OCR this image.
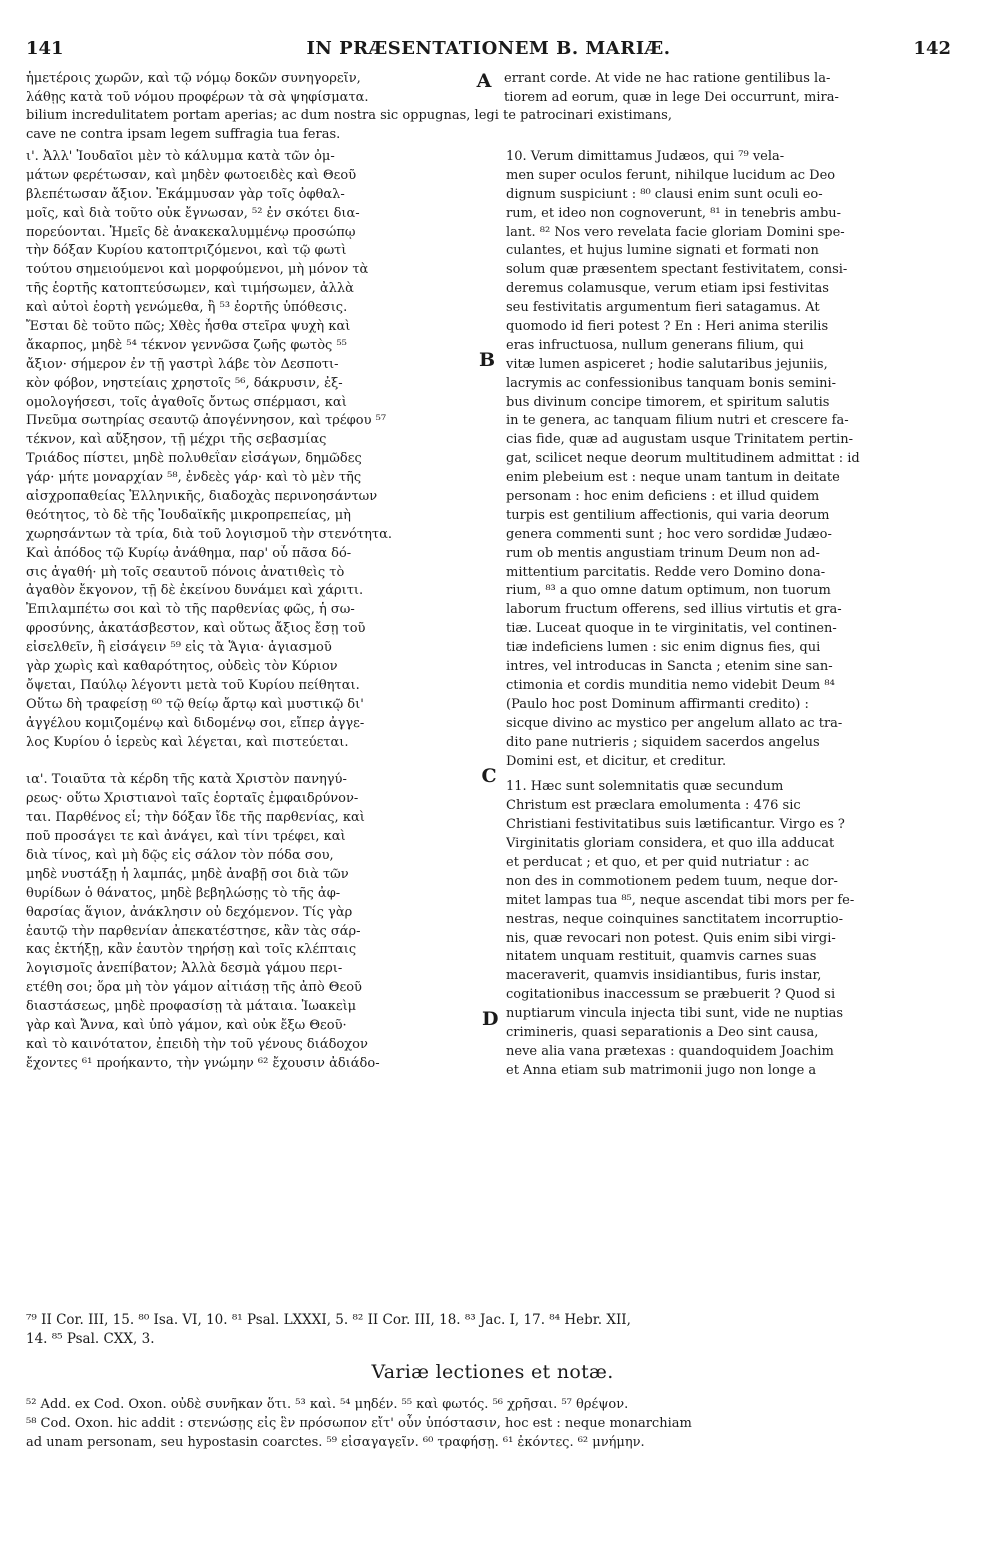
141	IN PRÆSENTATIONEM B. MARIÆ.	142
ἡμετέροις χωρῶν, καὶ τῷ νόμῳ δοκῶν συνηγορεῖν,	errant corde. At vide ne hac ratione gentilibus la-
λάθῃς κατὰ τοῦ νόμου προφέρων τὰ σὰ ψηφίσματα.	tiorem ad eorum, quæ in lege Dei occurrunt, mira-
bilium incredulitatem portam aperias; ac dum nostra sic oppugnas, legi te patrocinari existimans,
cave ne contra ipsam legem suffragia tua feras.
A
B
C
D
ι'. Ἀλλ' Ἰουδαῖοι μὲν τὸ κάλυμμα κατὰ τῶν ὀμ-
μάτων φερέτωσαν, καὶ μηδὲν φωτοειδὲς καὶ Θεοῦ
βλεπέτωσαν ἄξιον. Ἐκάμμυσαν γὰρ τοῖς ὀφθαλ-
μοῖς, καὶ διὰ τοῦτο οὐκ ἔγνωσαν, ⁵² ἐν σκότει δια-
πορεύονται. Ἡμεῖς δὲ ἀνακεκαλυμμένῳ προσώπῳ
τὴν δόξαν Κυρίου κατοπτριζόμενοι, καὶ τῷ φωτὶ
τούτου σημειούμενοι καὶ μορφούμενοι, μὴ μόνον τὰ
τῆς ἑορτῆς κατοπτεύσωμεν, καὶ τιμήσωμεν, ἀλλὰ
καὶ αὐτοὶ ἑορτὴ γενώμεθα, ἢ ⁵³ ἑορτῆς ὑπόθεσις.
Ἔσται δὲ τοῦτο πῶς; Χθὲς ἦσθα στεῖρα ψυχὴ καὶ
ἄκαρπος, μηδὲ ⁵⁴ τέκνον γεννῶσα ζωῆς φωτὸς ⁵⁵
ἄξιον· σήμερον ἐν τῇ γαστρὶ λάβε τὸν Δεσποτι-
κὸν φόβον, νηστείαις χρηστοῖς ⁵⁶, δάκρυσιν, ἐξ-
ομολογήσεσι, τοῖς ἀγαθοῖς ὄντως σπέρμασι, καὶ
Πνεῦμα σωτηρίας σεαυτῷ ἀπογέννησον, καὶ τρέφου ⁵⁷
τέκνον, καὶ αὔξησον, τῇ μέχρι τῆς σεβασμίας
Τριάδος πίστει, μηδὲ πολυθεΐαν εἰσάγων, δημῶδες
γάρ· μήτε μοναρχίαν ⁵⁸, ἐνδεὲς γάρ· καὶ τὸ μὲν τῆς
αἰσχροπαθείας Ἑλληνικῆς, διαδοχὰς περινοησάντων
θεότητος, τὸ δὲ τῆς Ἰουδαϊκῆς μικροπρεπείας, μὴ
χωρησάντων τὰ τρία, διὰ τοῦ λογισμοῦ τὴν στενότητα.
Καὶ ἀπόδος τῷ Κυρίῳ ἀνάθημα, παρ' οὗ πᾶσα δό-
σις ἀγαθή· μὴ τοῖς σεαυτοῦ πόνοις ἀνατιθεὶς τὸ
ἀγαθὸν ἔκγονον, τῇ δὲ ἐκείνου δυνάμει καὶ χάριτι.
Ἐπιλαμπέτω σοι καὶ τὸ τῆς παρθενίας φῶς, ἡ σω-
φροσύνης, ἀκατάσβεστον, καὶ οὕτως ἄξιος ἔσῃ τοῦ
εἰσελθεῖν, ἢ εἰσάγειν ⁵⁹ εἰς τὰ Ἅγια· ἁγιασμοῦ
γὰρ χωρὶς καὶ καθαρότητος, οὐδεὶς τὸν Κύριον
ὄψεται, Παύλῳ λέγοντι μετὰ τοῦ Κυρίου πείθηται.
Οὕτω δὴ τραφείσῃ ⁶⁰ τῷ θείῳ ἄρτῳ καὶ μυστικῷ δι'
ἀγγέλου κομιζομένῳ καὶ διδομένῳ σοι, εἴπερ ἀγγε-
λος Κυρίου ὁ ἱερεὺς καὶ λέγεται, καὶ πιστεύεται.
ια'. Τοιαῦτα τὰ κέρδη τῆς κατὰ Χριστὸν πανηγύ-
ρεως· οὕτω Χριστιανοὶ ταῖς ἑορταῖς ἐμφαιδρύνον-
ται. Παρθένος εἶ; τὴν δόξαν ἴδε τῆς παρθενίας, καὶ
ποῦ προσάγει τε καὶ ἀνάγει, καὶ τίνι τρέφει, καὶ
διὰ τίνος, καὶ μὴ δῷς εἰς σάλον τὸν πόδα σου,
μηδὲ νυστάξῃ ἡ λαμπάς, μηδὲ ἀναβῇ σοι διὰ τῶν
θυρίδων ὁ θάνατος, μηδὲ βεβηλώσῃς τὸ τῆς ἀφ-
θαρσίας ἅγιον, ἀνάκλησιν οὐ δεχόμενον. Τίς γὰρ
ἑαυτῷ τὴν παρθενίαν ἀπεκατέστησε, κἂν τὰς σάρ-
κας ἐκτήξῃ, κἂν ἑαυτὸν τηρήσῃ καὶ τοῖς κλέπταις
λογισμοῖς ἀνεπίβατον; Ἀλλὰ δεσμὰ γάμου περι-
ετέθη σοι; ὅρα μὴ τὸν γάμον αἰτιάσῃ τῆς ἀπὸ Θεοῦ
διαστάσεως, μηδὲ προφασίσῃ τὰ μάταια. Ἰωακεὶμ
γὰρ καὶ Ἄννα, καὶ ὑπὸ γάμον, καὶ οὐκ ἔξω Θεοῦ·
καὶ τὸ καινότατον, ἐπειδὴ τὴν τοῦ γένους διάδοχον
ἔχοντες ⁶¹ προήκαντο, τὴν γνώμην ⁶² ἔχουσιν ἀδιάδο-
10. Verum dimittamus Judæos, qui ⁷⁹ vela-
men super oculos ferunt, nihilque lucidum ac Deo
dignum suspiciunt : ⁸⁰ clausi enim sunt oculi eo-
rum, et ideo non cognoverunt, ⁸¹ in tenebris ambu-
lant. ⁸² Nos vero revelata facie gloriam Domini spe-
culantes, et hujus lumine signati et formati non
solum quæ præsentem spectant festivitatem, consi-
deremus colamusque, verum etiam ipsi festivitas
seu festivitatis argumentum fieri satagamus. At
quomodo id fieri potest ? En : Heri anima sterilis
eras infructuosa, nullum generans filium, qui
vitæ lumen aspiceret ; hodie salutaribus jejuniis,
lacrymis ac confessionibus tanquam bonis semini-
bus divinum concipe timorem, et spiritum salutis
in te genera, ac tanquam filium nutri et crescere fa-
cias fide, quæ ad augustam usque Trinitatem pertin-
gat, scilicet neque deorum multitudinem admittat : id
enim plebeium est : neque unam tantum in deitate
personam : hoc enim deficiens : et illud quidem
turpis est gentilium affectionis, qui varia deorum
genera commenti sunt ; hoc vero sordidæ Judæo-
rum ob mentis angustiam trinum Deum non ad-
mittentium parcitatis. Redde vero Domino dona-
rium, ⁸³ a quo omne datum optimum, non tuorum
laborum fructum offerens, sed illius virtutis et gra-
tiæ. Luceat quoque in te virginitatis, vel continen-
tiæ indeficiens lumen : sic enim dignus fies, qui
intres, vel introducas in Sancta ; etenim sine san-
ctimonia et cordis munditia nemo videbit Deum ⁸⁴
(Paulo hoc post Dominum affirmanti credito) :
sicque divino ac mystico per angelum allato ac tra-
dito pane nutrieris ; siquidem sacerdos angelus
Domini est, et dicitur, et creditur.
11. Hæc sunt solemnitatis quæ secundum
Christum est præclara emolumenta : 476 sic
Christiani festivitatibus suis lætificantur. Virgo es ?
Virginitatis gloriam considera, et quo illa adducat
et perducat ; et quo, et per quid nutriatur : ac
non des in commotionem pedem tuum, neque dor-
mitet lampas tua ⁸⁵, neque ascendat tibi mors per fe-
nestras, neque coinquines sanctitatem incorruptio-
nis, quæ revocari non potest. Quis enim sibi virgi-
nitatem unquam restituit, quamvis carnes suas
maceraverit, quamvis insidiantibus, furis instar,
cogitationibus inaccessum se præbuerit ? Quod si
nuptiarum vincula injecta tibi sunt, vide ne nuptias
crimineris, quasi separationis a Deo sint causa,
neve alia vana prætexas : quandoquidem Joachim
et Anna etiam sub matrimonii jugo non longe a
⁷⁹ II Cor. III, 15. ⁸⁰ Isa. VI, 10. ⁸¹ Psal. LXXXI, 5. ⁸² II Cor. III, 18. ⁸³ Jac. I, 17. ⁸⁴ Hebr. XII,
14. ⁸⁵ Psal. CXX, 3.
Variæ lectiones et notæ.
⁵² Add. ex Cod. Oxon. οὐδὲ συνῆκαν ὅτι. ⁵³ καὶ. ⁵⁴ μηδέν. ⁵⁵ καὶ φωτός. ⁵⁶ χρῆσαι. ⁵⁷ θρέψον.
⁵⁸ Cod. Oxon. hic addit : στενώσῃς εἰς ἓν πρόσωπον εἴτ' οὖν ὑπόστασιν, hoc est : neque monarchiam
ad unam personam, seu hypostasin coarctes. ⁵⁹ εἰσαγαγεῖν. ⁶⁰ τραφήσῃ. ⁶¹ ἐκόντες. ⁶² μνήμην.
